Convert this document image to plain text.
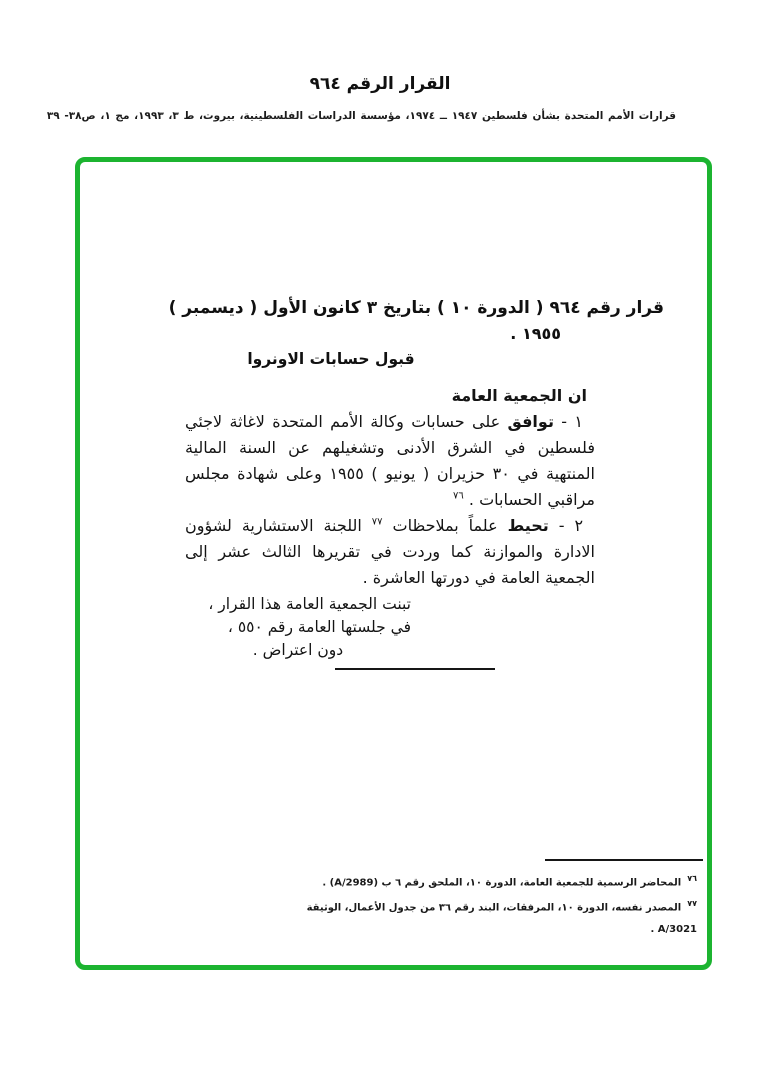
القرار الرقم ٩٦٤
قرارات الأمم المتحدة بشأن فلسطين ١٩٤٧ ــ ١٩٧٤، مؤسسة الدراسات الفلسطينية، بيروت، ط ٣، ١٩٩٣، مج ١، ص٣٨- ٣٩
قرار رقم ٩٦٤ ( الدورة ١٠ ) بتاريخ ٣ كانون الأول ( ديسمبر )
١٩٥٥ .
قبول حسابات الاونروا
ان الجمعية العامة

١ - توافق على حسابات وكالة الأمم المتحدة لاغاثة لاجئي فلسطين في الشرق الأدنى وتشغيلهم عن السنة المالية المنتهية في ٣٠ حزيران ( يونيو ) ١٩٥٥ وعلى شهادة مجلس مراقبي الحسابات . $^{٧٦}$

٢ - تحيط علماً بملاحظات $^{٧٧}$ اللجنة الاستشارية لشؤون الادارة والموازنة كما وردت في تقريرها الثالث عشر إلى الجمعية العامة في دورتها العاشرة .

تبنت الجمعية العامة هذا القرار ،
في جلستها العامة رقم ٥٥٠ ،
دون اعتراض .
$^{٧٦}$المحاضر الرسمية للجمعية العامة، الدورة ١٠، الملحق رقم ٦ ب (A/2989) .
$^{٧٧}$المصدر نفسه، الدورة ١٠، المرفقات، البند رقم ٣٦ من جدول الأعمال، الوثيقة
A/3021 .
